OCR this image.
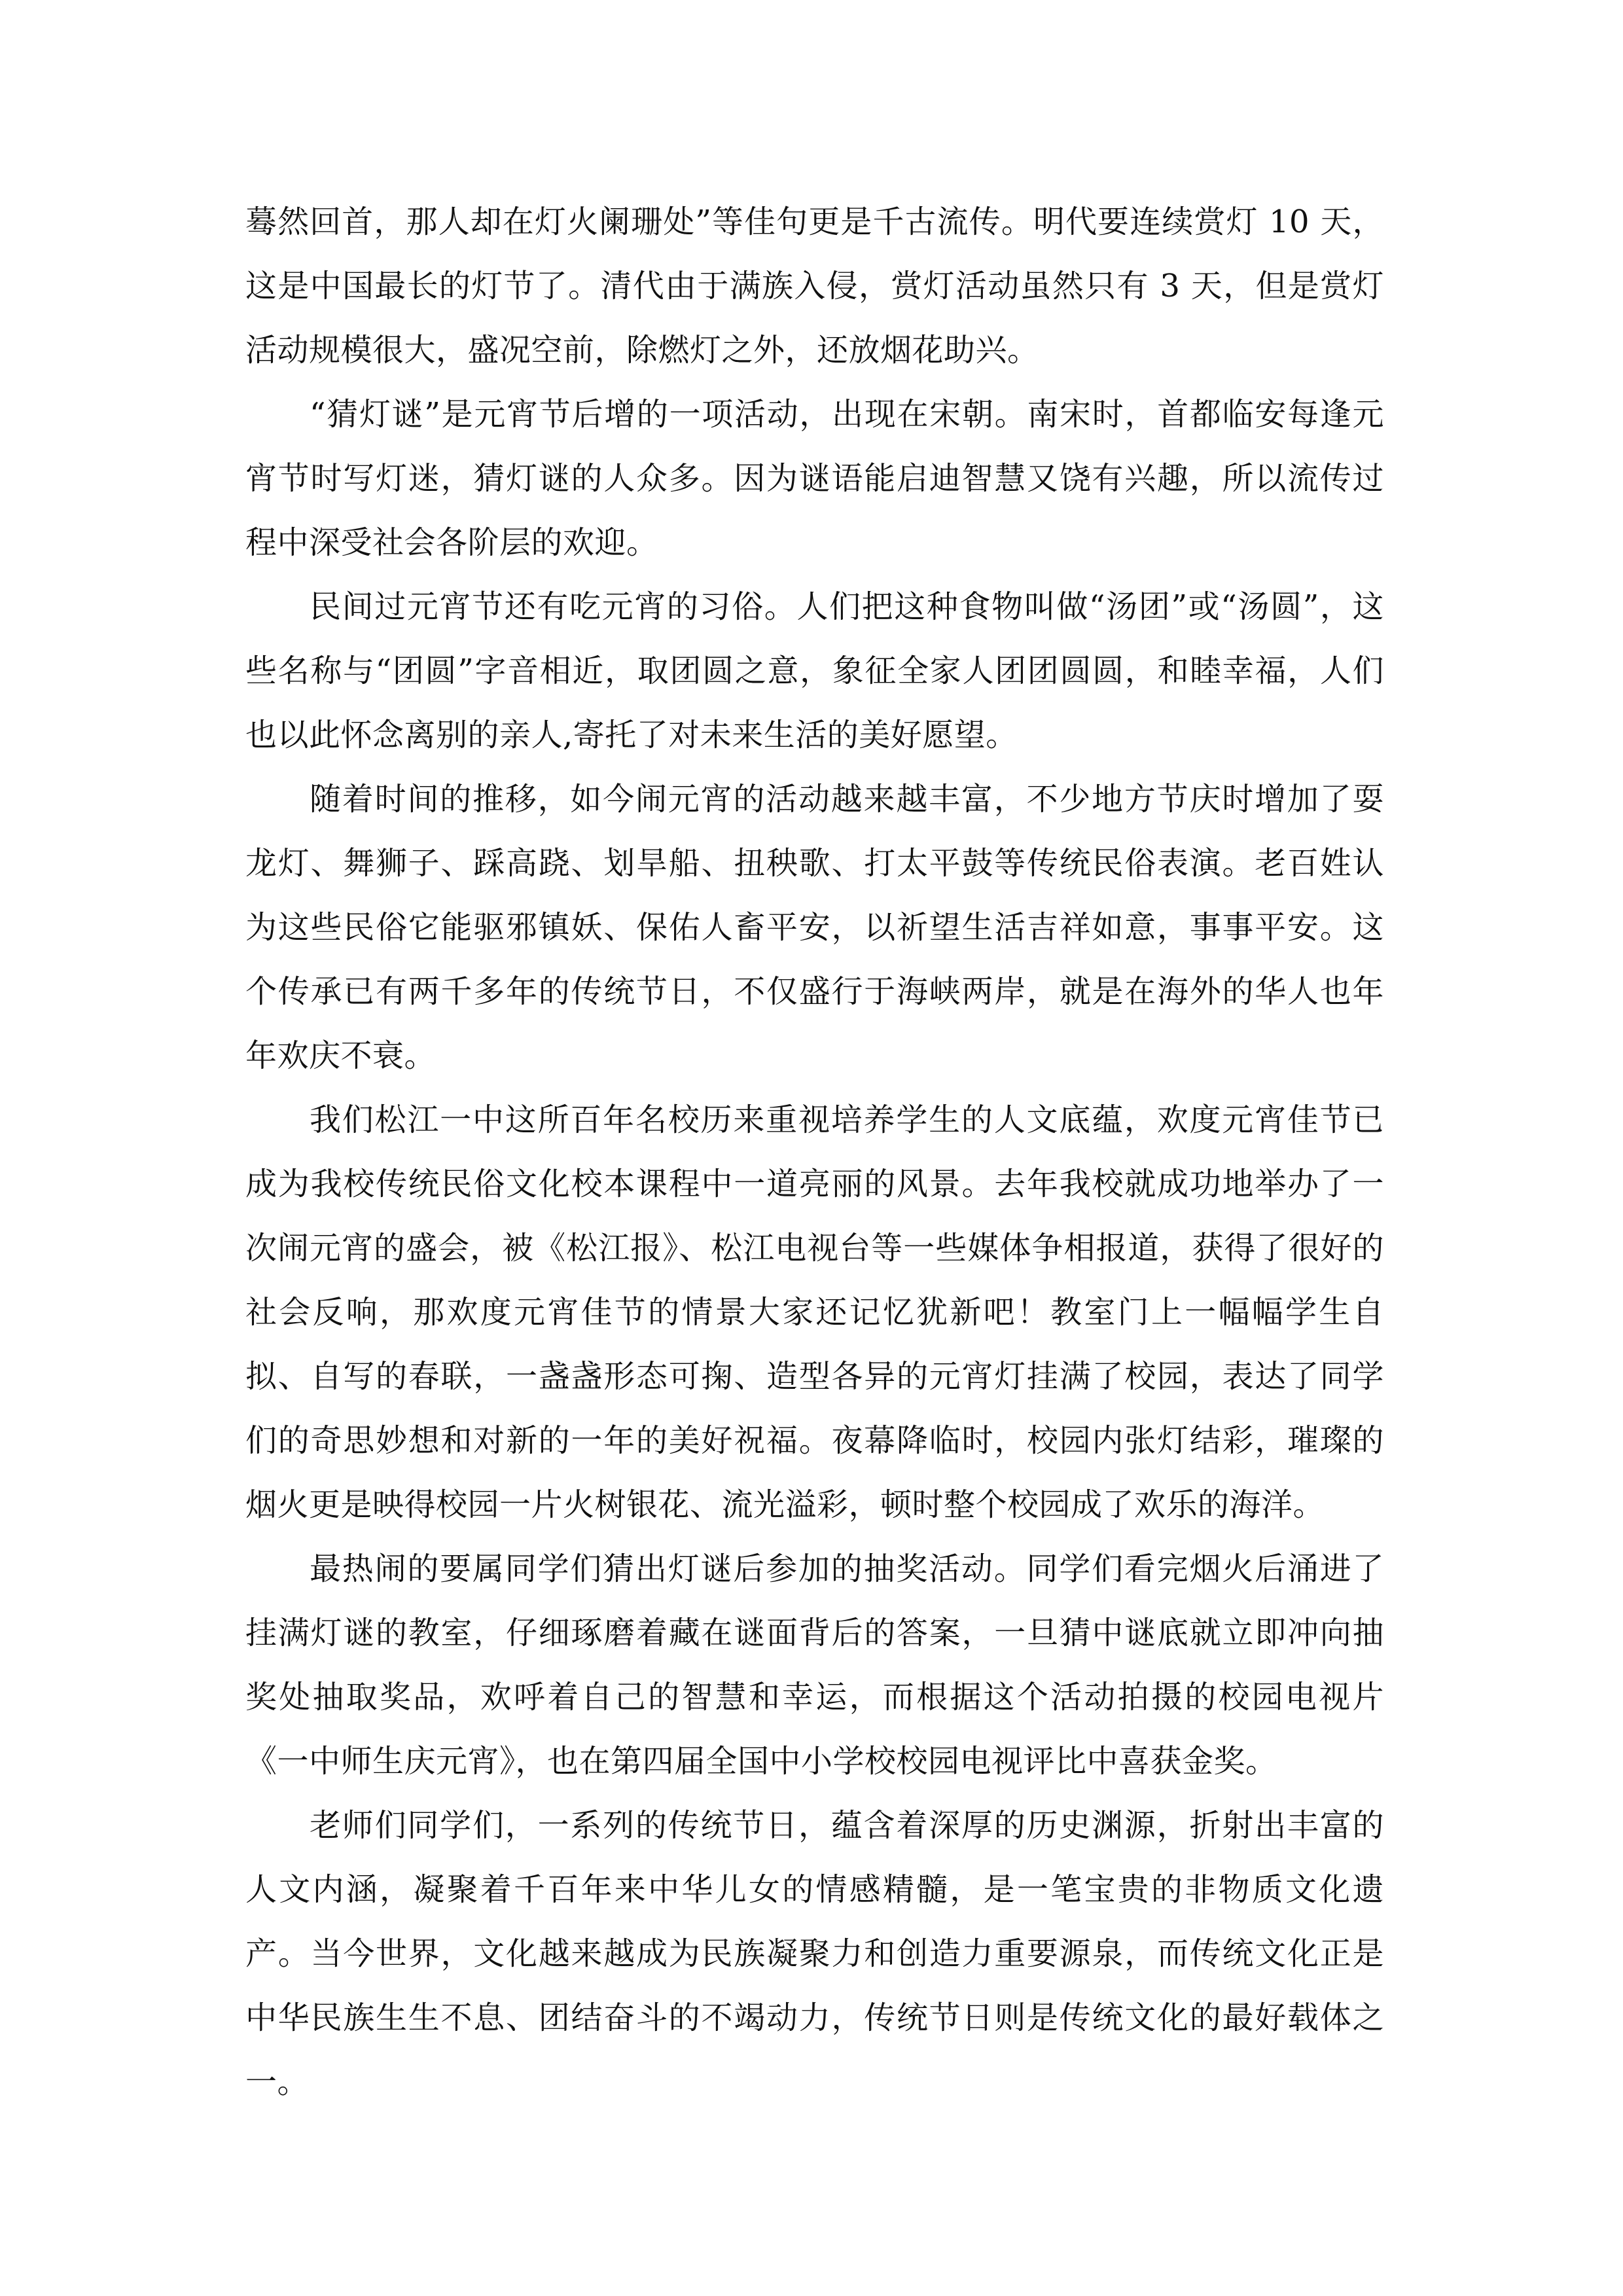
蓦然回首，那人却在灯火阑珊处”等佳句更是千古流传。明代要连续赏灯 10 天，这是中国最长的灯节了。清代由于满族入侵，赏灯活动虽然只有 3 天，但是赏灯活动规模很大，盛况空前，除燃灯之外，还放烟花助兴。

“猜灯谜”是元宵节后增的一项活动，出现在宋朝。南宋时，首都临安每逢元宵节时写灯迷，猜灯谜的人众多。因为谜语能启迪智慧又饶有兴趣，所以流传过程中深受社会各阶层的欢迎。

民间过元宵节还有吃元宵的习俗。人们把这种食物叫做“汤团”或“汤圆”，这些名称与“团圆”字音相近，取团圆之意，象征全家人团团圆圆，和睦幸福，人们也以此怀念离别的亲人,寄托了对未来生活的美好愿望。

随着时间的推移，如今闹元宵的活动越来越丰富，不少地方节庆时增加了耍龙灯、舞狮子、踩高跷、划旱船、扭秧歌、打太平鼓等传统民俗表演。老百姓认为这些民俗它能驱邪镇妖、保佑人畜平安，以祈望生活吉祥如意，事事平安。这个传承已有两千多年的传统节日，不仅盛行于海峡两岸，就是在海外的华人也年年欢庆不衰。

我们松江一中这所百年名校历来重视培养学生的人文底蕴，欢度元宵佳节已成为我校传统民俗文化校本课程中一道亮丽的风景。去年我校就成功地举办了一次闹元宵的盛会，被《松江报》、松江电视台等一些媒体争相报道，获得了很好的社会反响，那欢度元宵佳节的情景大家还记忆犹新吧！教室门上一幅幅学生自拟、自写的春联，一盏盏形态可掬、造型各异的元宵灯挂满了校园，表达了同学们的奇思妙想和对新的一年的美好祝福。夜幕降临时，校园内张灯结彩，璀璨的烟火更是映得校园一片火树银花、流光溢彩，顿时整个校园成了欢乐的海洋。

最热闹的要属同学们猜出灯谜后参加的抽奖活动。同学们看完烟火后涌进了挂满灯谜的教室，仔细琢磨着藏在谜面背后的答案，一旦猜中谜底就立即冲向抽奖处抽取奖品，欢呼着自己的智慧和幸运，而根据这个活动拍摄的校园电视片《一中师生庆元宵》，也在第四届全国中小学校校园电视评比中喜获金奖。

老师们同学们，一系列的传统节日，蕴含着深厚的历史渊源，折射出丰富的人文内涵，凝聚着千百年来中华儿女的情感精髓，是一笔宝贵的非物质文化遗产。当今世界，文化越来越成为民族凝聚力和创造力重要源泉，而传统文化正是中华民族生生不息、团结奋斗的不竭动力，传统节日则是传统文化的最好载体之一。
